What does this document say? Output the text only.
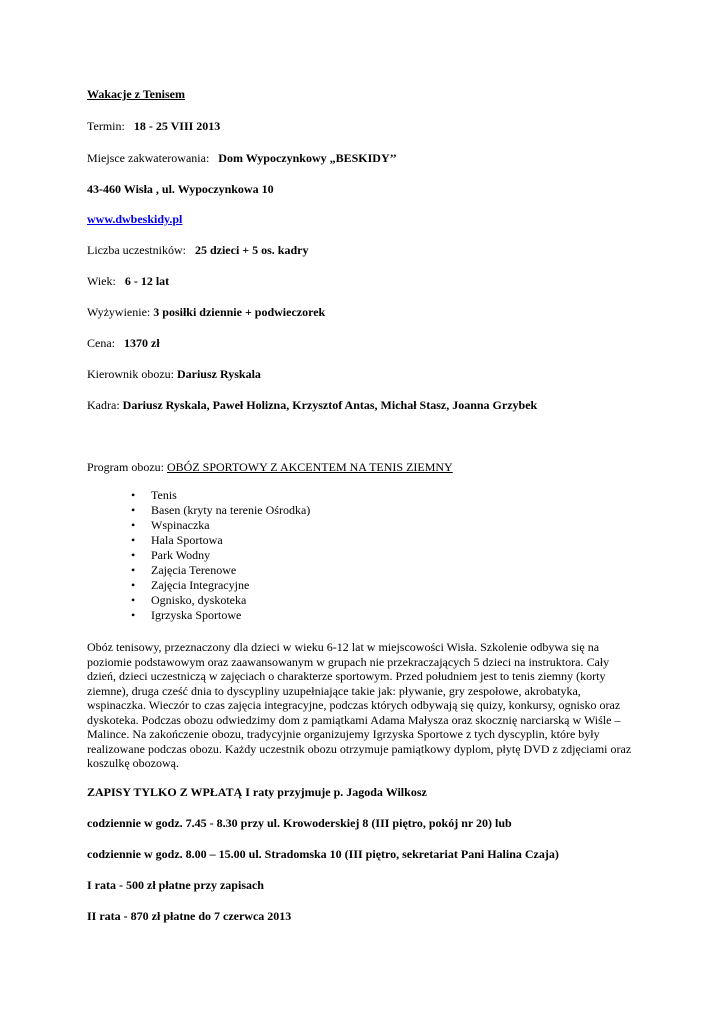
Wakacje z Tenisem
Termin: 18 - 25 VIII 2013
Miejsce zakwaterowania: Dom Wypoczynkowy „BESKIDY’’
43-460 Wisła , ul. Wypoczynkowa 10
www.dwbeskidy.pl
Liczba uczestników: 25 dzieci + 5 os. kadry
Wiek: 6 - 12 lat
Wyżywienie: 3 posiłki dziennie + podwieczorek
Cena: 1370 zł
Kierownik obozu: Dariusz Ryskala
Kadra: Dariusz Ryskala, Paweł Holizna, Krzysztof Antas, Michał Stasz, Joanna Grzybek
Program obozu: OBÓZ SPORTOWY Z AKCENTEM NA TENIS ZIEMNY
• Tenis
• Basen (kryty na terenie Ośrodka)
• Wspinaczka
• Hala Sportowa
• Park Wodny
• Zajęcia Terenowe
• Zajęcia Integracyjne
• Ognisko, dyskoteka
• Igrzyska Sportowe
Obóz tenisowy, przeznaczony dla dzieci w wieku 6-12 lat w miejscowości Wisła. Szkolenie odbywa się na
poziomie podstawowym oraz zaawansowanym w grupach nie przekraczających 5 dzieci na instruktora. Cały
dzień, dzieci uczestniczą w zajęciach o charakterze sportowym. Przed południem jest to tenis ziemny (korty
ziemne), druga cześć dnia to dyscypliny uzupełniające takie jak: pływanie, gry zespołowe, akrobatyka,
wspinaczka. Wieczór to czas zajęcia integracyjne, podczas których odbywają się quizy, konkursy, ognisko oraz
dyskoteka. Podczas obozu odwiedzimy dom z pamiątkami Adama Małysza oraz skocznię narciarską w Wiśle –
Malince. Na zakończenie obozu, tradycyjnie organizujemy Igrzyska Sportowe z tych dyscyplin, które były
realizowane podczas obozu. Każdy uczestnik obozu otrzymuje pamiątkowy dyplom, płytę DVD z zdjęciami oraz
koszulkę obozową.
ZAPISY TYLKO Z WPŁATĄ I raty przyjmuje p. Jagoda Wilkosz
codziennie w godz. 7.45 - 8.30 przy ul. Krowoderskiej 8 (III piętro, pokój nr 20) lub
codziennie w godz. 8.00 – 15.00 ul. Stradomska 10 (III piętro, sekretariat Pani Halina Czaja)
I rata - 500 zł płatne przy zapisach
II rata - 870 zł płatne do 7 czerwca 2013
